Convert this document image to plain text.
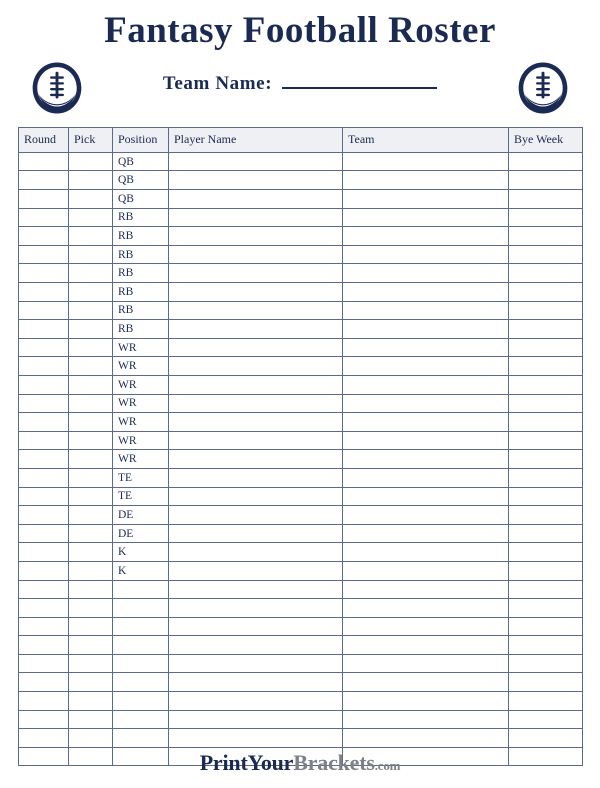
Fantasy Football Roster
Team Name:
Round	Pick	Position	Player Name	Team	Bye Week
		QB			
		QB			
		QB			
		RB			
		RB			
		RB			
		RB			
		RB			
		RB			
		RB			
		WR			
		WR			
		WR			
		WR			
		WR			
		WR			
		WR			
		TE			
		TE			
		DE			
		DE			
		K			
		K			

PrintYourBrackets.com
